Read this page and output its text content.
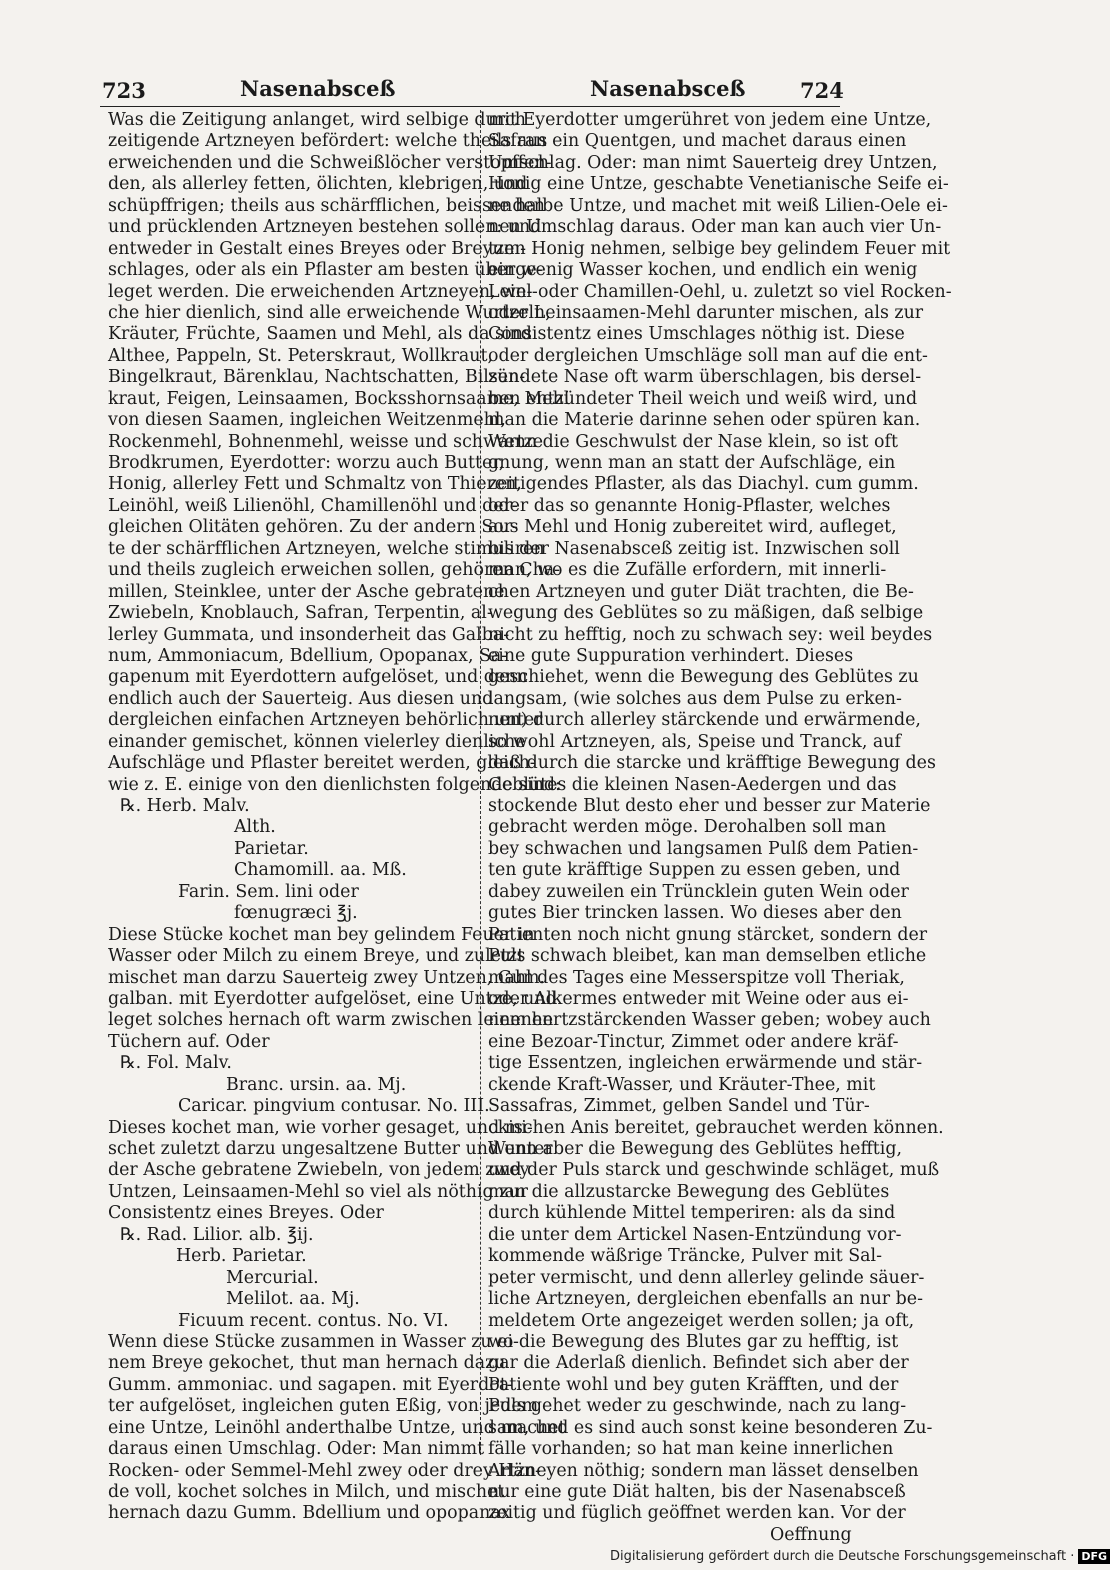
723	Nasenabsceß	Nasenabsceß	724
Was die Zeitigung anlanget, wird selbige durch
zeitigende Artzneyen befördert: welche theils aus
erweichenden und die Schweißlöcher verstopffen-
den, als allerley fetten, ölichten, klebrigen, und
schüpffrigen; theils aus schärfflichen, beissenden
und prücklenden Artzneyen bestehen sollen: und
entweder in Gestalt eines Breyes oder Breyum-
schlages, oder als ein Pflaster am besten überge-
leget werden. Die erweichenden Artzneyen, wel-
che hier dienlich, sind alle erweichende Wurtzeln,
Kräuter, Früchte, Saamen und Mehl, als da sind
Althee, Pappeln, St. Peterskraut, Wollkraut,
Bingelkraut, Bärenklau, Nachtschatten, Bilsen-
kraut, Feigen, Leinsaamen, Bocksshornsaame, Mehl
von diesen Saamen, ingleichen Weitzenmehl,
Rockenmehl, Bohnenmehl, weisse und schwartze
Brodkrumen, Eyerdotter: worzu auch Butter,
Honig, allerley Fett und Schmaltz von Thieren,
Leinöhl, weiß Lilienöhl, Chamillenöhl und der-
gleichen Olitäten gehören. Zu der andern Sor-
te der schärfflichen Artzneyen, welche stimuliren
und theils zugleich erweichen sollen, gehören Cha-
millen, Steinklee, unter der Asche gebratene
Zwiebeln, Knoblauch, Safran, Terpentin, al-
lerley Gummata, und insonderheit das Galba-
num, Ammoniacum, Bdellium, Opopanax, Sa-
gapenum mit Eyerdottern aufgelöset, und denn
endlich auch der Sauerteig. Aus diesen und
dergleichen einfachen Artzneyen behörlich unter
einander gemischet, können vielerley dienliche
Aufschläge und Pflaster bereitet werden, gleich-
wie z. E. einige von den dienlichsten folgende sind:
℞. Herb. Malv.
Alth.
Parietar.
Chamomill. aa. Mß.
Farin. Sem. lini oder
fœnugræci ℥j.
Diese Stücke kochet man bey gelindem Feuer in
Wasser oder Milch zu einem Breye, und zuletzt
mischet man darzu Sauerteig zwey Untzen, Gum.
galban. mit Eyerdotter aufgelöset, eine Untze, und
leget solches hernach oft warm zwischen leinenen
Tüchern auf. Oder
℞. Fol. Malv.
Branc. ursin. aa. Mj.
Caricar. pingvium contusar. No. III.
Dieses kochet man, wie vorher gesaget, und mi-
schet zuletzt darzu ungesaltzene Butter und unter
der Asche gebratene Zwiebeln, von jedem zwey
Untzen, Leinsaamen-Mehl so viel als nöthig zur
Consistentz eines Breyes. Oder
℞. Rad. Lilior. alb. ℥ij.
Herb. Parietar.
Mercurial.
Melilot. aa. Mj.
Ficuum recent. contus. No. VI.
Wenn diese Stücke zusammen in Wasser zu ei-
nem Breye gekochet, thut man hernach dazu
Gumm. ammoniac. und sagapen. mit Eyerdot-
ter aufgelöset, ingleichen guten Eßig, von jedem
eine Untze, Leinöhl anderthalbe Untze, und machet
daraus einen Umschlag. Oder: Man nimmt
Rocken- oder Semmel-Mehl zwey oder drey Hän-
de voll, kochet solches in Milch, und mischet
hernach dazu Gumm. Bdellium und opopanax
mit Eyerdotter umgerühret von jedem eine Untze,
Safran ein Quentgen, und machet daraus einen
Umschlag. Oder: man nimt Sauerteig drey Untzen,
Honig eine Untze, geschabte Venetianische Seife ei-
ne halbe Untze, und machet mit weiß Lilien-Oele ei-
nen Umschlag daraus. Oder man kan auch vier Un-
tzen Honig nehmen, selbige bey gelindem Feuer mit
ein wenig Wasser kochen, und endlich ein wenig
Lein- oder Chamillen-Oehl, u. zuletzt so viel Rocken-
oder Leinsaamen-Mehl darunter mischen, als zur
Consistentz eines Umschlages nöthig ist. Diese
oder dergleichen Umschläge soll man auf die ent-
zündete Nase oft warm überschlagen, bis dersel-
ben entzündeter Theil weich und weiß wird, und
man die Materie darinne sehen oder spüren kan.
Wenn die Geschwulst der Nase klein, so ist oft
gnung, wenn man an statt der Aufschläge, ein
zeitigendes Pflaster, als das Diachyl. cum gumm.
oder das so genannte Honig-Pflaster, welches
aus Mehl und Honig zubereitet wird, aufleget,
bis der Nasenabsceß zeitig ist. Inzwischen soll
man, wo es die Zufälle erfordern, mit innerli-
chen Artzneyen und guter Diät trachten, die Be-
wegung des Geblütes so zu mäßigen, daß selbige
nicht zu hefftig, noch zu schwach sey: weil beydes
eine gute Suppuration verhindert. Dieses
geschiehet, wenn die Bewegung des Geblütes zu
langsam, (wie solches aus dem Pulse zu erken-
nen) durch allerley stärckende und erwärmende,
so wohl Artzneyen, als, Speise und Tranck, auf
daß durch die starcke und kräfftige Bewegung des
Geblütes die kleinen Nasen-Aedergen und das
stockende Blut desto eher und besser zur Materie
gebracht werden möge. Derohalben soll man
bey schwachen und langsamen Pulß dem Patien-
ten gute kräfftige Suppen zu essen geben, und
dabey zuweilen ein Trüncklein guten Wein oder
gutes Bier trincken lassen. Wo dieses aber den
Patienten noch nicht gnung stärcket, sondern der
Puls schwach bleibet, kan man demselben etliche
mahl des Tages eine Messerspitze voll Theriak,
oder Alkermes entweder mit Weine oder aus ei-
nem hertzstärckenden Wasser geben; wobey auch
eine Bezoar-Tinctur, Zimmet oder andere kräf-
tige Essentzen, ingleichen erwärmende und stär-
ckende Kraft-Wasser, und Kräuter-Thee, mit
Sassafras, Zimmet, gelben Sandel und Tür-
ckischen Anis bereitet, gebrauchet werden können.
Wenn aber die Bewegung des Geblütes hefftig,
und der Puls starck und geschwinde schläget, muß
man die allzustarcke Bewegung des Geblütes
durch kühlende Mittel temperiren: als da sind
die unter dem Artickel Nasen-Entzündung vor-
kommende wäßrige Träncke, Pulver mit Sal-
peter vermischt, und denn allerley gelinde säuer-
liche Artzneyen, dergleichen ebenfalls an nur be-
meldetem Orte angezeiget werden sollen; ja oft,
wo die Bewegung des Blutes gar zu hefftig, ist
gar die Aderlaß dienlich. Befindet sich aber der
Patiente wohl und bey guten Kräfften, und der
Puls gehet weder zu geschwinde, nach zu lang-
sam, und es sind auch sonst keine besonderen Zu-
fälle vorhanden; so hat man keine innerlichen
Artzneyen nöthig; sondern man lässet denselben
nur eine gute Diät halten, bis der Nasenabsceß
zeitig und füglich geöffnet werden kan. Vor der
Oeffnung
Digitalisierung gefördert durch die Deutsche Forschungsgemeinschaft · DFG
